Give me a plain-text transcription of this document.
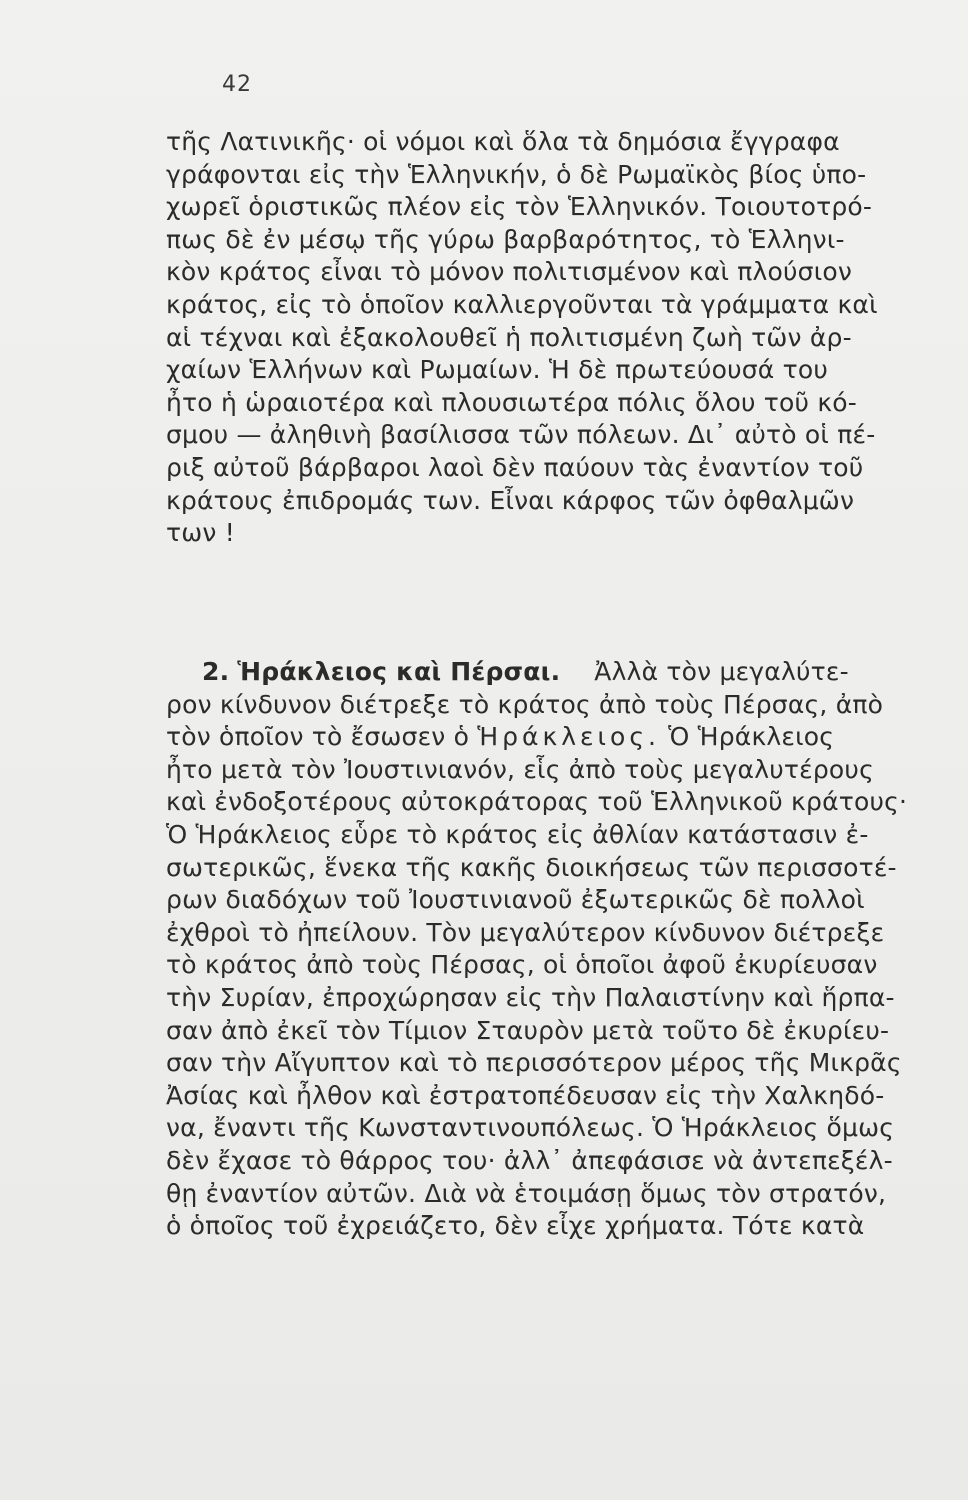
42
τῆς Λατινικῆς· οἱ νόμοι καὶ ὅλα τὰ δημόσια ἔγγραφα
γράφονται εἰς τὴν Ἑλληνικήν, ὁ δὲ Ρωμαϊκὸς βίος ὑπο-
χωρεῖ ὁριστικῶς πλέον εἰς τὸν Ἑλληνικόν. Τοιουτοτρό-
πως δὲ ἐν μέσῳ τῆς γύρω βαρβαρότητος, τὸ Ἑλληνι-
κὸν κράτος εἶναι τὸ μόνον πολιτισμένον καὶ πλούσιον
κράτος, εἰς τὸ ὁποῖον καλλιεργοῦνται τὰ γράμματα καὶ
αἱ τέχναι καὶ ἐξακολουθεῖ ἡ πολιτισμένη ζωὴ τῶν ἀρ-
χαίων Ἑλλήνων καὶ Ρωμαίων. Ἡ δὲ πρωτεύουσά του
ἦτο ἡ ὡραιοτέρα καὶ πλουσιωτέρα πόλις ὅλου τοῦ κό-
σμου — ἀληθινὴ βασίλισσα τῶν πόλεων. Δι᾽ αὐτὸ οἱ πέ-
ριξ αὐτοῦ βάρβαροι λαοὶ δὲν παύουν τὰς ἐναντίον τοῦ
κράτους ἐπιδρομάς των. Εἶναι κάρφος τῶν ὀφθαλμῶν
των !
2. Ἡράκλειος καὶ Πέρσαι. Ἀλλὰ τὸν μεγαλύτε-
ρον κίνδυνον διέτρεξε τὸ κράτος ἀπὸ τοὺς Πέρσας, ἀπὸ
τὸν ὁποῖον τὸ ἔσωσεν ὁ Ἡράκλειος. Ὁ Ἡράκλειος
ἦτο μετὰ τὸν Ἰουστινιανόν, εἷς ἀπὸ τοὺς μεγαλυτέρους
καὶ ἐνδοξοτέρους αὐτοκράτορας τοῦ Ἑλληνικοῦ κράτους·
Ὁ Ἡράκλειος εὗρε τὸ κράτος εἰς ἀθλίαν κατάστασιν ἐ-
σωτερικῶς, ἕνεκα τῆς κακῆς διοικήσεως τῶν περισσοτέ-
ρων διαδόχων τοῦ Ἰουστινιανοῦ ἐξωτερικῶς δὲ πολλοὶ
ἐχθροὶ τὸ ἠπείλουν. Τὸν μεγαλύτερον κίνδυνον διέτρεξε
τὸ κράτος ἀπὸ τοὺς Πέρσας, οἱ ὁποῖοι ἀφοῦ ἐκυρίευσαν
τὴν Συρίαν, ἐπροχώρησαν εἰς τὴν Παλαιστίνην καὶ ἥρπα-
σαν ἀπὸ ἐκεῖ τὸν Τίμιον Σταυρὸν μετὰ τοῦτο δὲ ἐκυρίευ-
σαν τὴν Αἴγυπτον καὶ τὸ περισσότερον μέρος τῆς Μικρᾶς
Ἀσίας καὶ ἦλθον καὶ ἐστρατοπέδευσαν εἰς τὴν Χαλκηδό-
να, ἔναντι τῆς Κωνσταντινουπόλεως. Ὁ Ἡράκλειος ὅμως
δὲν ἔχασε τὸ θάρρος του· ἀλλ᾽ ἀπεφάσισε νὰ ἀντεπεξέλ-
θῃ ἐναντίον αὐτῶν. Διὰ νὰ ἑτοιμάσῃ ὅμως τὸν στρατόν,
ὁ ὁποῖος τοῦ ἐχρειάζετο, δὲν εἶχε χρήματα. Τότε κατὰ
